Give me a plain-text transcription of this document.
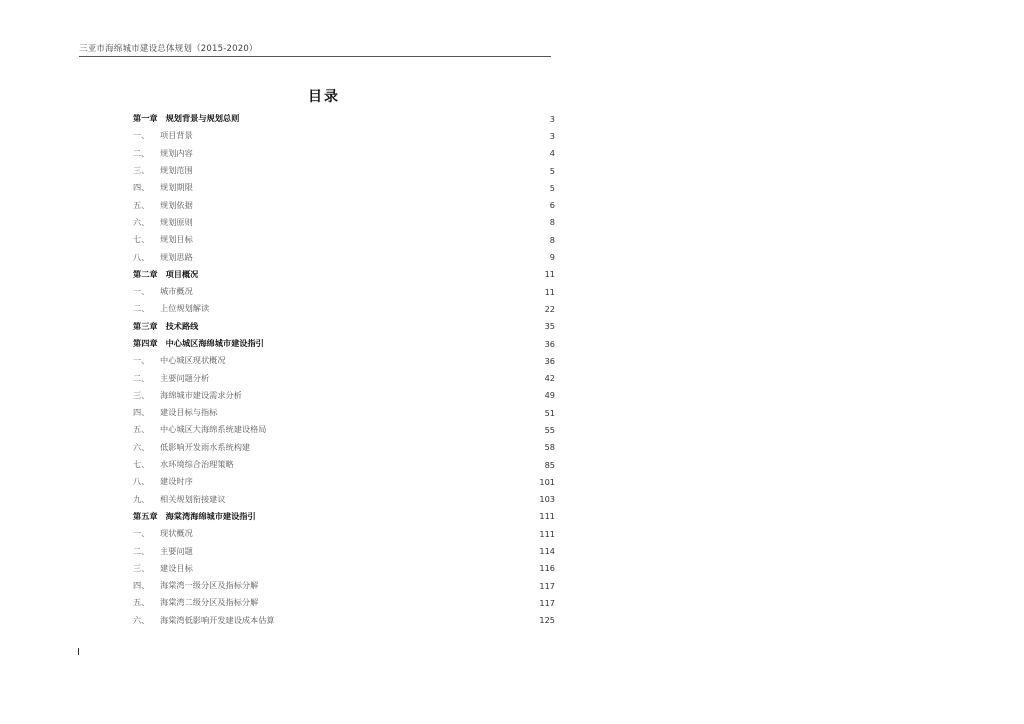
三亚市海绵城市建设总体规划（2015-2020）
目录
第一章 规划背景与规划总则	3
一、	项目背景	3
二、	规划内容	4
三、	规划范围	5
四、	规划期限	5
五、	规划依据	6
六、	规划原则	8
七、	规划目标	8
八、	规划思路	9
第二章 项目概况	11
一、	城市概况	11
二、	上位规划解读	22
第三章 技术路线	35
第四章 中心城区海绵城市建设指引	36
一、	中心城区现状概况	36
二、	主要问题分析	42
三、	海绵城市建设需求分析	49
四、	建设目标与指标	51
五、	中心城区大海绵系统建设格局	55
六、	低影响开发雨水系统构建	58
七、	水环境综合治理策略	85
八、	建设时序	101
九、	相关规划衔接建议	103
第五章 海棠湾海绵城市建设指引	111
一、	现状概况	111
二、	主要问题	114
三、	建设目标	116
四、	海棠湾一级分区及指标分解	117
五、	海棠湾二级分区及指标分解	117
六、	海棠湾低影响开发建设成本估算	125
